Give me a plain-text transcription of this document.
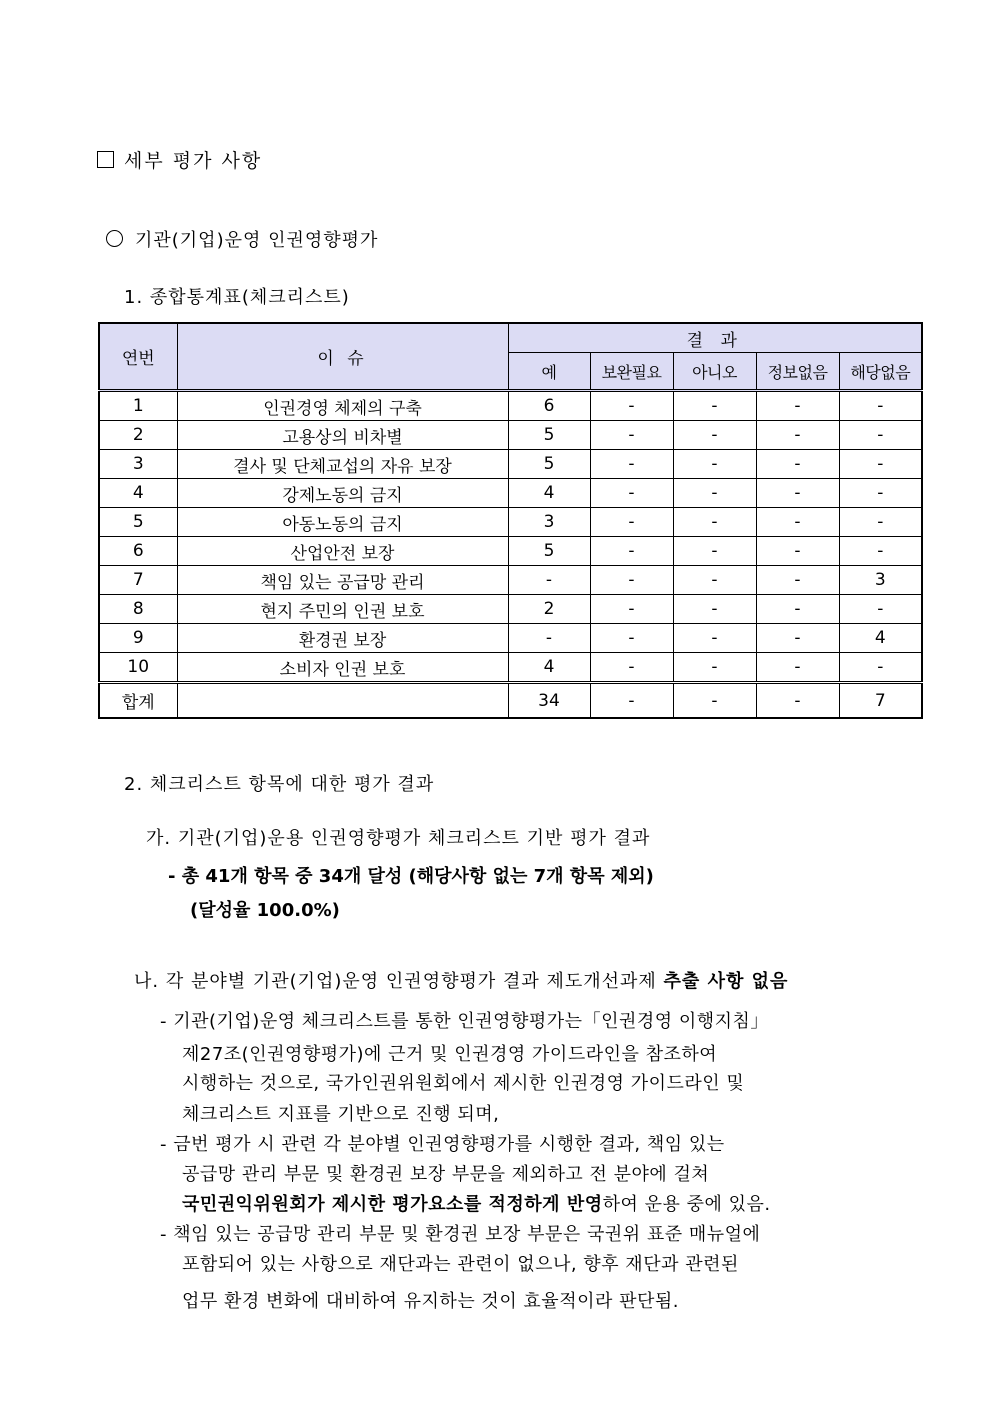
세부 평가 사항
기관(기업)운영 인권영향평가
1. 종합통계표(체크리스트)
연번	이 슈	결 과				
		예	보완필요	아니오	정보없음	해당없음
1	인권경영 체제의 구축	6	-	-	-	-
2	고용상의 비차별	5	-	-	-	-
3	결사 및 단체교섭의 자유 보장	5	-	-	-	-
4	강제노동의 금지	4	-	-	-	-
5	아동노동의 금지	3	-	-	-	-
6	산업안전 보장	5	-	-	-	-
7	책임 있는 공급망 관리	-	-	-	-	3
8	현지 주민의 인권 보호	2	-	-	-	-
9	환경권 보장	-	-	-	-	4
10	소비자 인권 보호	4	-	-	-	-
합계		34	-	-	-	7
2. 체크리스트 항목에 대한 평가 결과
가. 기관(기업)운용 인권영향평가 체크리스트 기반 평가 결과
- 총 41개 항목 중 34개 달성 (해당사항 없는 7개 항목 제외)
(달성율 100.0%)
나. 각 분야별 기관(기업)운영 인권영향평가 결과 제도개선과제 추출 사항 없음
- 기관(기업)운영 체크리스트를 통한 인권영향평가는「인권경영 이행지침」
제27조(인권영향평가)에 근거 및 인권경영 가이드라인을 참조하여
시행하는 것으로, 국가인권위원회에서 제시한 인권경영 가이드라인 및
체크리스트 지표를 기반으로 진행 되며,
- 금번 평가 시 관련 각 분야별 인권영향평가를 시행한 결과, 책임 있는
공급망 관리 부문 및 환경권 보장 부문을 제외하고 전 분야에 걸쳐
국민권익위원회가 제시한 평가요소를 적정하게 반영하여 운용 중에 있음.
- 책임 있는 공급망 관리 부문 및 환경권 보장 부문은 국권위 표준 매뉴얼에
포함되어 있는 사항으로 재단과는 관련이 없으나, 향후 재단과 관련된
업무 환경 변화에 대비하여 유지하는 것이 효율적이라 판단됨.
